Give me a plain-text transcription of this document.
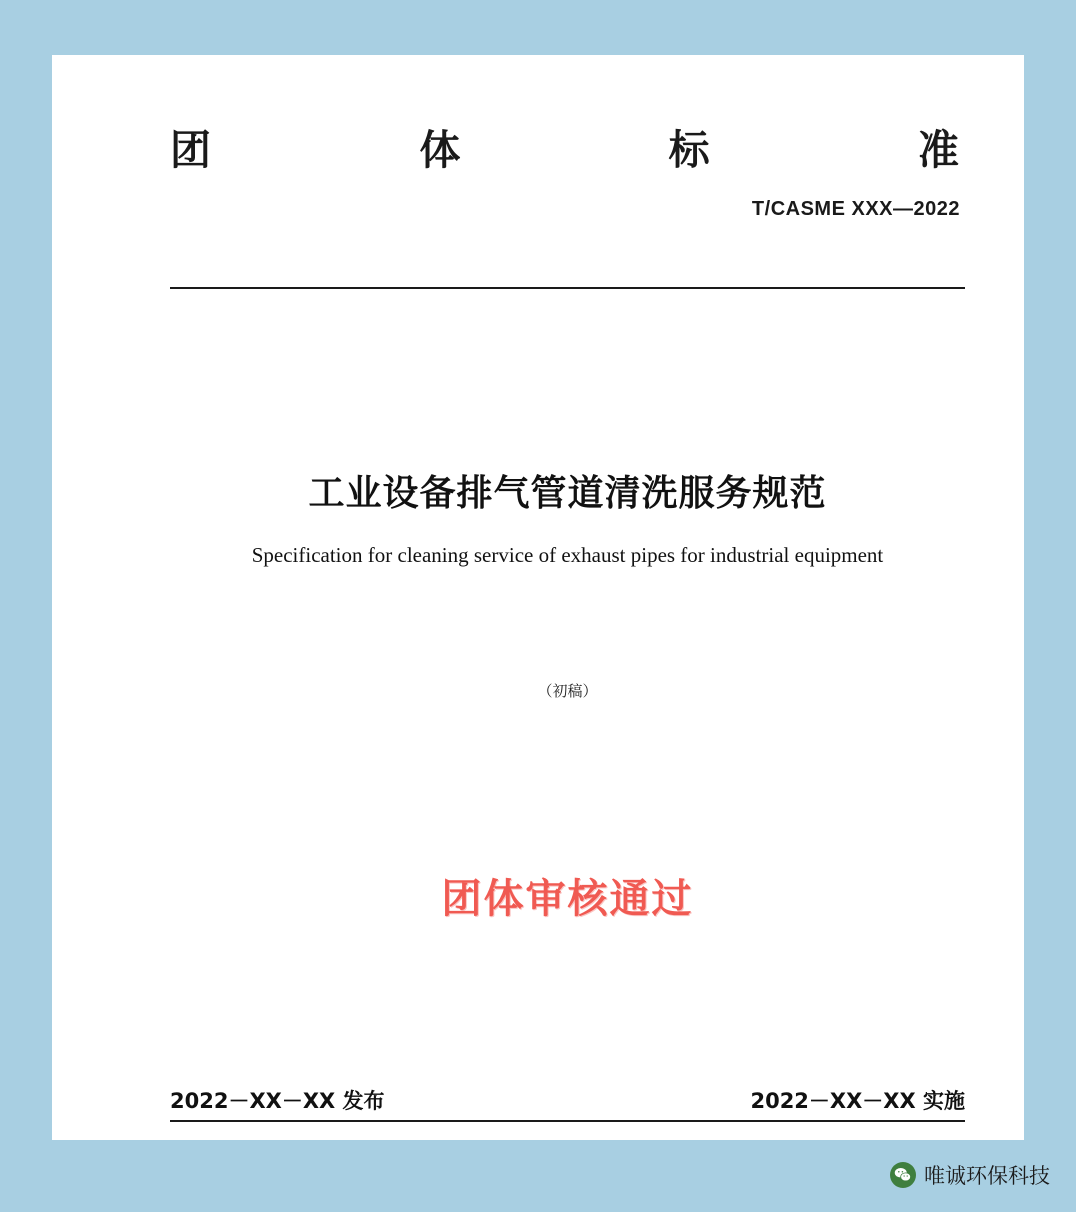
团	体	标	准
T/CASME XXX—2022
工业设备排气管道清洗服务规范
Specification for cleaning service of exhaust pipes for industrial equipment
（初稿）
团体审核通过
2022－XX－XX 发布	2022－XX－XX 实施
唯诚环保科技
